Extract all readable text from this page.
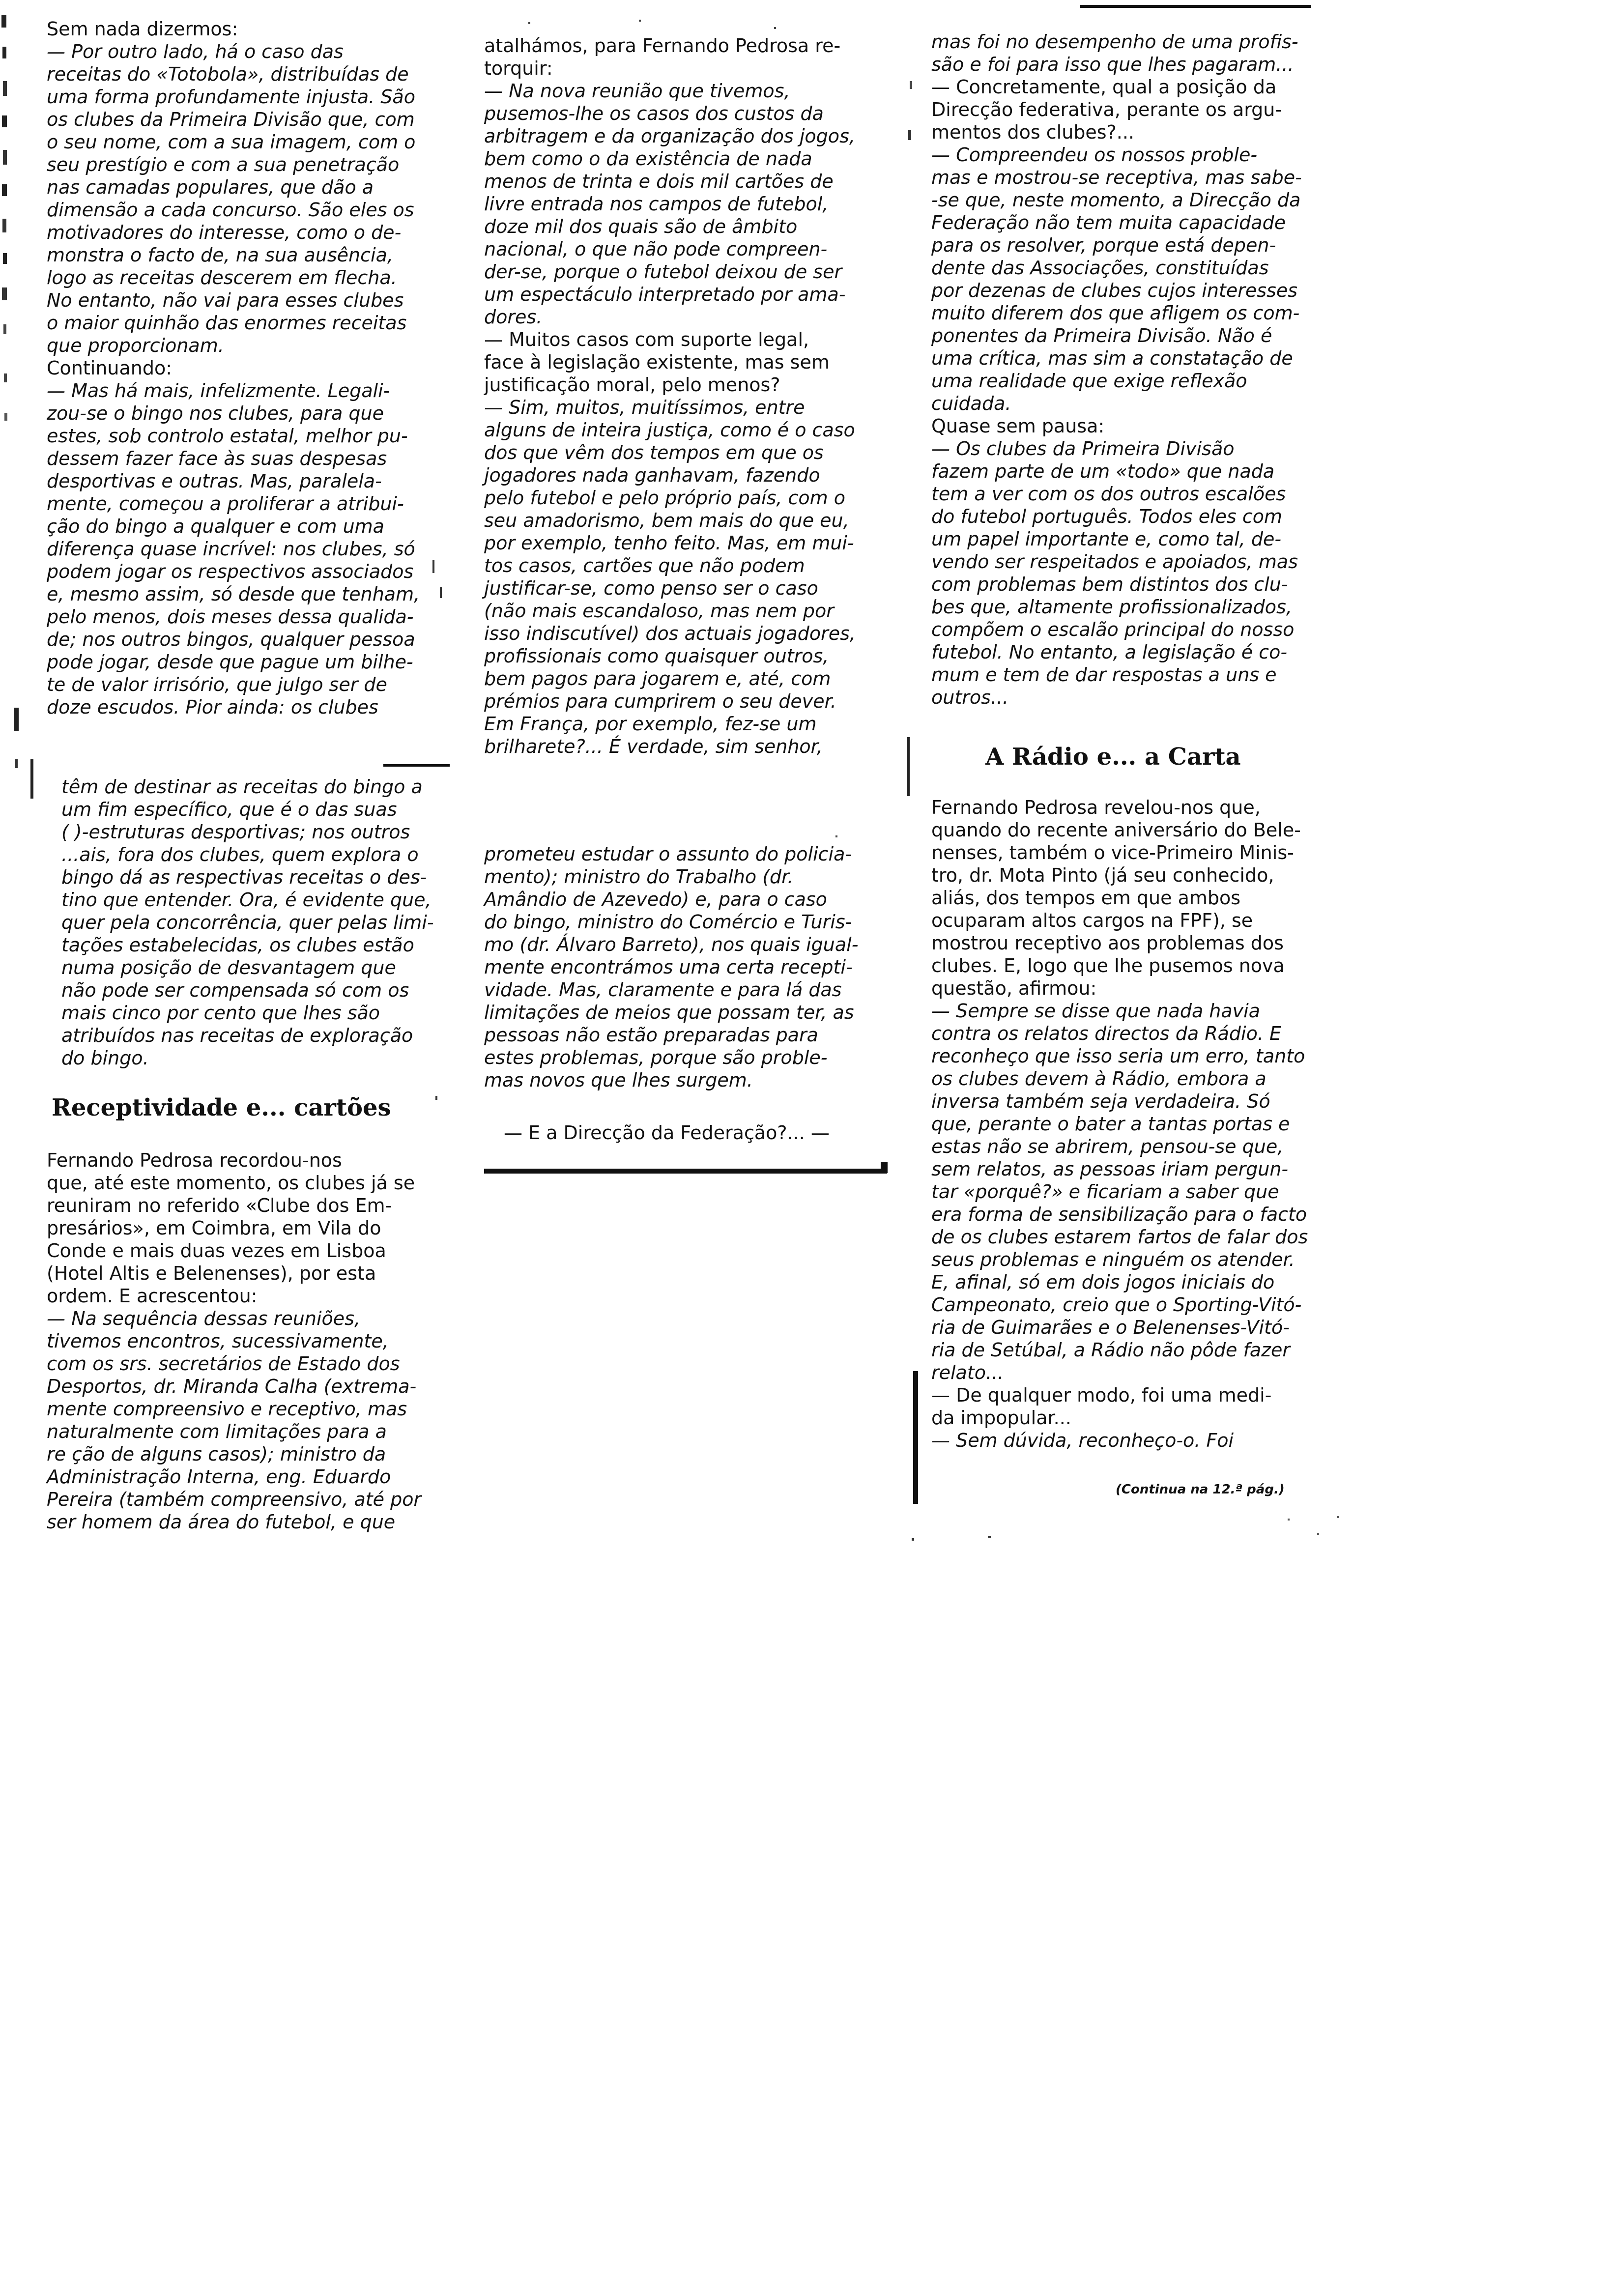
Sem nada dizermos:
— Por outro lado, há o caso das
receitas do «Totobola», distribuídas de
uma forma profundamente injusta. São
os clubes da Primeira Divisão que, com
o seu nome, com a sua imagem, com o
seu prestígio e com a sua penetração
nas camadas populares, que dão a
dimensão a cada concurso. São eles os
motivadores do interesse, como o de-
monstra o facto de, na sua ausência,
logo as receitas descerem em flecha.
No entanto, não vai para esses clubes
o maior quinhão das enormes receitas
que proporcionam.
Continuando:
— Mas há mais, infelizmente. Legali-
zou-se o bingo nos clubes, para que
estes, sob controlo estatal, melhor pu-
dessem fazer face às suas despesas
desportivas e outras. Mas, paralela-
mente, começou a proliferar a atribui-
ção do bingo a qualquer e com uma
diferença quase incrível: nos clubes, só
podem jogar os respectivos associados
e, mesmo assim, só desde que tenham,
pelo menos, dois meses dessa qualida-
de; nos outros bingos, qualquer pessoa
pode jogar, desde que pague um bilhe-
te de valor irrisório, que julgo ser de
doze escudos. Pior ainda: os clubes
têm de destinar as receitas do bingo a
um fim específico, que é o das suas
( )-estruturas desportivas; nos outros
...ais, fora dos clubes, quem explora o
bingo dá as respectivas receitas o des-
tino que entender. Ora, é evidente que,
quer pela concorrência, quer pelas limi-
tações estabelecidas, os clubes estão
numa posição de desvantagem que
não pode ser compensada só com os
mais cinco por cento que lhes são
atribuídos nas receitas de exploração
do bingo.
Receptividade e... cartões
Fernando Pedrosa recordou-nos
que, até este momento, os clubes já se
reuniram no referido «Clube dos Em-
presários», em Coimbra, em Vila do
Conde e mais duas vezes em Lisboa
(Hotel Altis e Belenenses), por esta
ordem. E acrescentou:
— Na sequência dessas reuniões,
tivemos encontros, sucessivamente,
com os srs. secretários de Estado dos
Desportos, dr. Miranda Calha (extrema-
mente compreensivo e receptivo, mas
naturalmente com limitações para a
re ção de alguns casos); ministro da
Administração Interna, eng. Eduardo
Pereira (também compreensivo, até por
ser homem da área do futebol, e que
atalhámos, para Fernando Pedrosa re-
torquir:
— Na nova reunião que tivemos,
pusemos-lhe os casos dos custos da
arbitragem e da organização dos jogos,
bem como o da existência de nada
menos de trinta e dois mil cartões de
livre entrada nos campos de futebol,
doze mil dos quais são de âmbito
nacional, o que não pode compreen-
der-se, porque o futebol deixou de ser
um espectáculo interpretado por ama-
dores.
— Muitos casos com suporte legal,
face à legislação existente, mas sem
justificação moral, pelo menos?
— Sim, muitos, muitíssimos, entre
alguns de inteira justiça, como é o caso
dos que vêm dos tempos em que os
jogadores nada ganhavam, fazendo
pelo futebol e pelo próprio país, com o
seu amadorismo, bem mais do que eu,
por exemplo, tenho feito. Mas, em mui-
tos casos, cartões que não podem
justificar-se, como penso ser o caso
(não mais escandaloso, mas nem por
isso indiscutível) dos actuais jogadores,
profissionais como quaisquer outros,
bem pagos para jogarem e, até, com
prémios para cumprirem o seu dever.
Em França, por exemplo, fez-se um
brilharete?... É verdade, sim senhor,
prometeu estudar o assunto do policia-
mento); ministro do Trabalho (dr.
Amândio de Azevedo) e, para o caso
do bingo, ministro do Comércio e Turis-
mo (dr. Álvaro Barreto), nos quais igual-
mente encontrámos uma certa recepti-
vidade. Mas, claramente e para lá das
limitações de meios que possam ter, as
pessoas não estão preparadas para
estes problemas, porque são proble-
mas novos que lhes surgem.
— E a Direcção da Federação?... —
mas foi no desempenho de uma profis-
são e foi para isso que lhes pagaram...
— Concretamente, qual a posição da
Direcção federativa, perante os argu-
mentos dos clubes?...
— Compreendeu os nossos proble-
mas e mostrou-se receptiva, mas sabe-
-se que, neste momento, a Direcção da
Federação não tem muita capacidade
para os resolver, porque está depen-
dente das Associações, constituídas
por dezenas de clubes cujos interesses
muito diferem dos que afligem os com-
ponentes da Primeira Divisão. Não é
uma crítica, mas sim a constatação de
uma realidade que exige reflexão
cuidada.
Quase sem pausa:
— Os clubes da Primeira Divisão
fazem parte de um «todo» que nada
tem a ver com os dos outros escalões
do futebol português. Todos eles com
um papel importante e, como tal, de-
vendo ser respeitados e apoiados, mas
com problemas bem distintos dos clu-
bes que, altamente profissionalizados,
compõem o escalão principal do nosso
futebol. No entanto, a legislação é co-
mum e tem de dar respostas a uns e
outros...
A Rádio e... a Carta
Fernando Pedrosa revelou-nos que,
quando do recente aniversário do Bele-
nenses, também o vice-Primeiro Minis-
tro, dr. Mota Pinto (já seu conhecido,
aliás, dos tempos em que ambos
ocuparam altos cargos na FPF), se
mostrou receptivo aos problemas dos
clubes. E, logo que lhe pusemos nova
questão, afirmou:
— Sempre se disse que nada havia
contra os relatos directos da Rádio. E
reconheço que isso seria um erro, tanto
os clubes devem à Rádio, embora a
inversa também seja verdadeira. Só
que, perante o bater a tantas portas e
estas não se abrirem, pensou-se que,
sem relatos, as pessoas iriam pergun-
tar «porquê?» e ficariam a saber que
era forma de sensibilização para o facto
de os clubes estarem fartos de falar dos
seus problemas e ninguém os atender.
E, afinal, só em dois jogos iniciais do
Campeonato, creio que o Sporting-Vitó-
ria de Guimarães e o Belenenses-Vitó-
ria de Setúbal, a Rádio não pôde fazer
relato...
— De qualquer modo, foi uma medi-
da impopular...
— Sem dúvida, reconheço-o. Foi
(Continua na 12.ª pág.)
